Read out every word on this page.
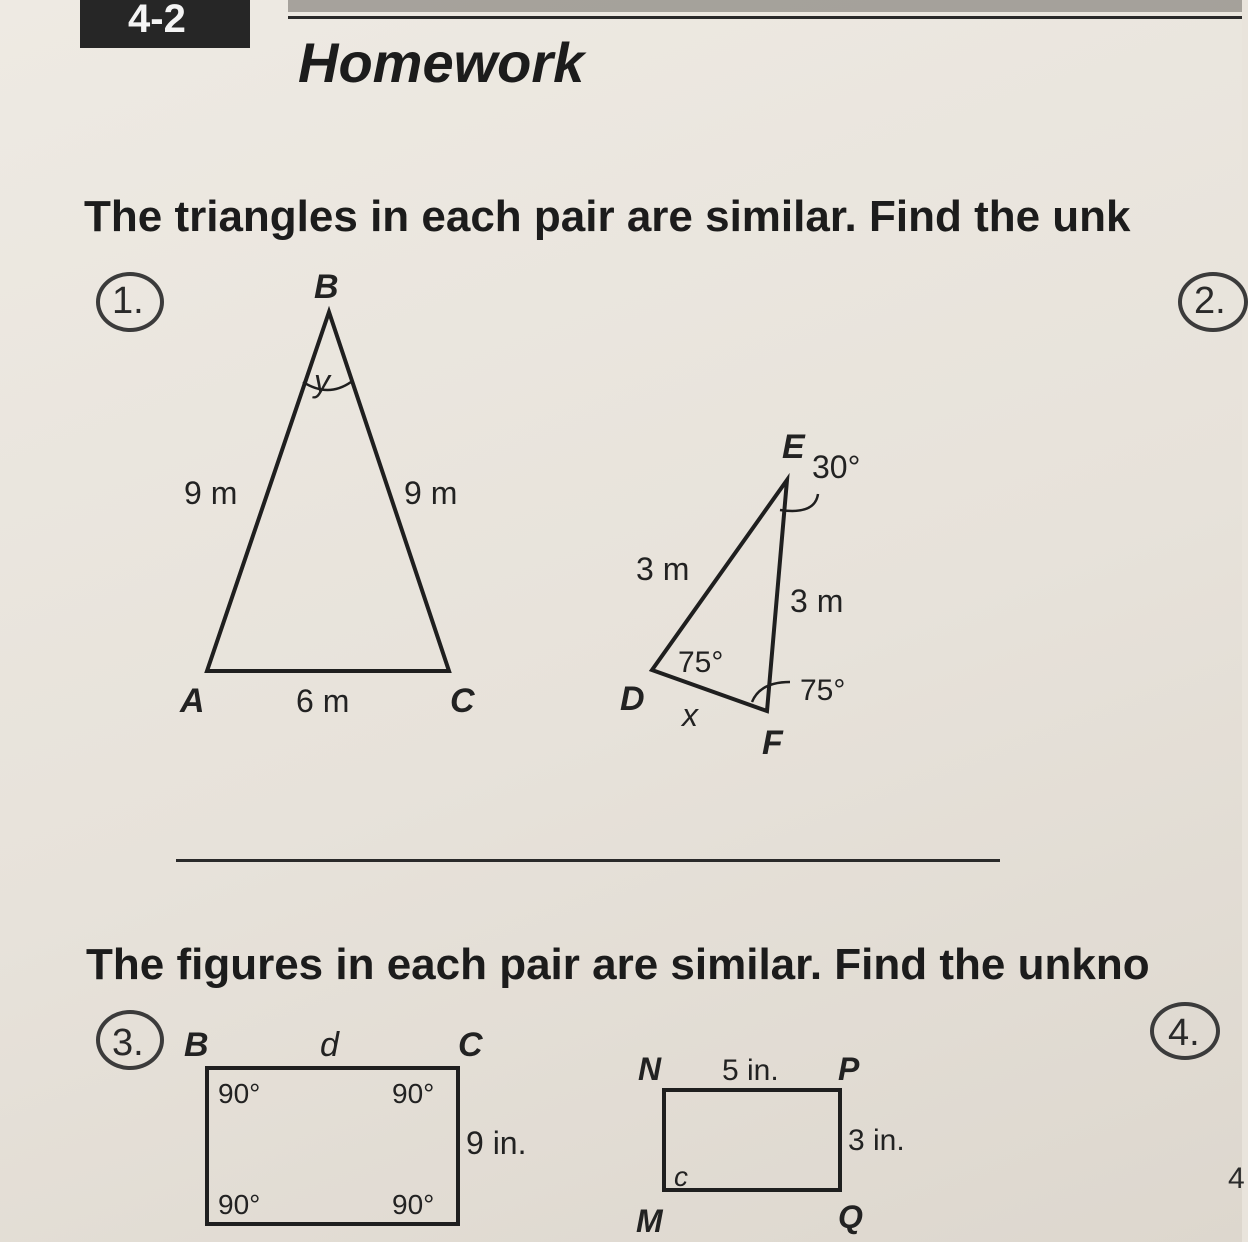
4-2
Homework
The triangles in each pair are similar. Find the unk
1.	2.
B
A	C
y
9 m	9 m
6 m
E
D
F
30°
75°
75°
3 m
3 m
x
B	C
d
9 in.
90°	90°
90°	90°
N	P
Q
M
5 in.
3 in.
c
The figures in each pair are similar. Find the unkno
3.	4.
4
